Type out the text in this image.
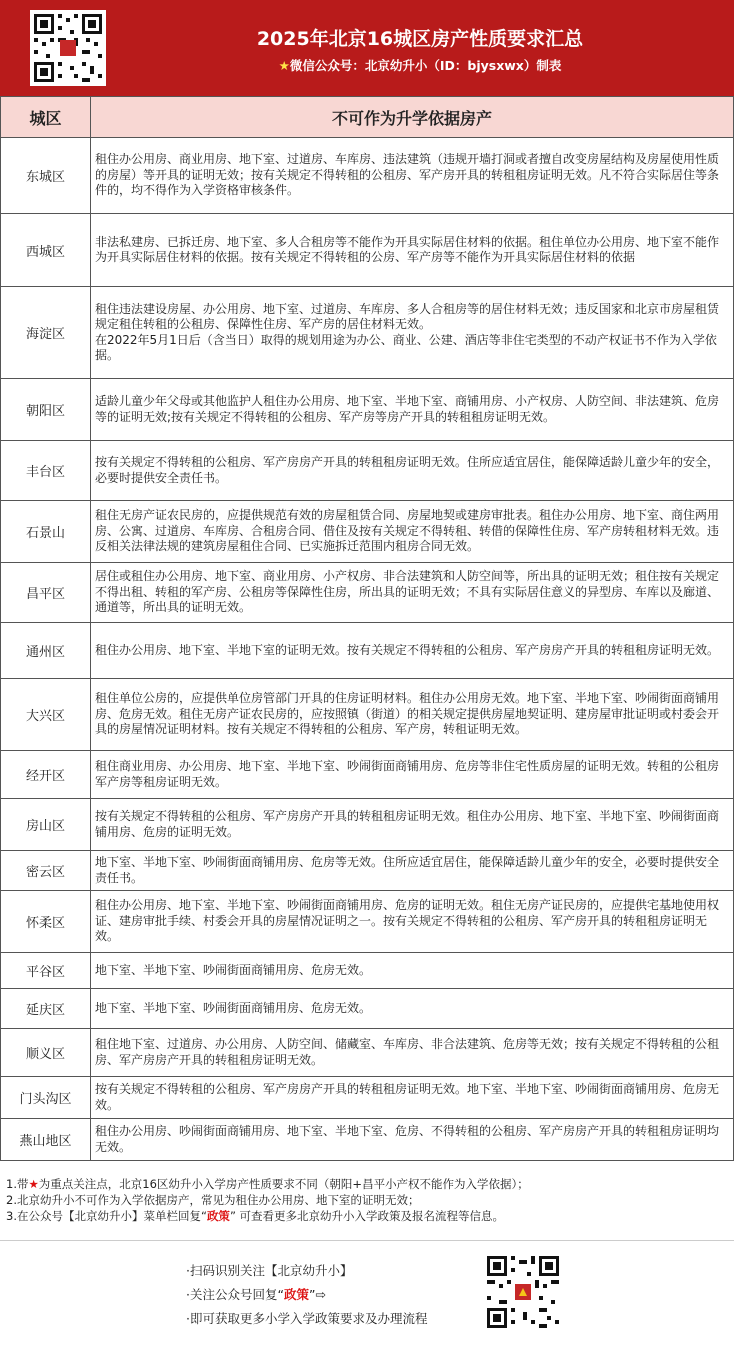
2025年北京16城区房产性质要求汇总
★微信公众号：北京幼升小（ID：bjysxwx）制表
城区	不可作为升学依据房产
东城区	租住办公用房、商业用房、地下室、过道房、车库房、违法建筑（违规开墙打洞或者擅自改变房屋结构及房屋使用性质的房屋）等开具的证明无效；按有关规定不得转租的公租房、军产房开具的转租租房证明无效。凡不符合实际居住等条件的，均不得作为入学资格审核条件。
西城区	非法私建房、已拆迁房、地下室、多人合租房等不能作为开具实际居住材料的依据。租住单位办公用房、地下室不能作为开具实际居住材料的依据。按有关规定不得转租的公房、军产房等不能作为开具实际居住材料的依据
海淀区	租住违法建设房屋、办公用房、地下室、过道房、车库房、多人合租房等的居住材料无效；违反国家和北京市房屋租赁规定租住转租的公租房、保障性住房、军产房的居住材料无效。
在2022年5月1日后（含当日）取得的规划用途为办公、商业、公建、酒店等非住宅类型的不动产权证书不作为入学依据。
朝阳区	适龄儿童少年父母或其他监护人租住办公用房、地下室、半地下室、商铺用房、小产权房、人防空间、非法建筑、危房等的证明无效;按有关规定不得转租的公租房、军产房等房产开具的转租租房证明无效。
丰台区	按有关规定不得转租的公租房、军产房房产开具的转租租房证明无效。住所应适宜居住，能保障适龄儿童少年的安全，必要时提供安全责任书。
石景山	租住无房产证农民房的，应提供规范有效的房屋租赁合同、房屋地契或建房审批表。租住办公用房、地下室、商住两用房、公寓、过道房、车库房、合租房合同、借住及按有关规定不得转租、转借的保障性住房、军产房转租材料无效。违反相关法律法规的建筑房屋租住合同、已实施拆迁范围内租房合同无效。
昌平区	居住或租住办公用房、地下室、商业用房、小产权房、非合法建筑和人防空间等，所出具的证明无效；租住按有关规定不得出租、转租的军产房、公租房等保障性住房，所出具的证明无效；不具有实际居住意义的异型房、车库以及廊道、通道等，所出具的证明无效。
通州区	租住办公用房、地下室、半地下室的证明无效。按有关规定不得转租的公租房、军产房房产开具的转租租房证明无效。
大兴区	租住单位公房的，应提供单位房管部门开具的住房证明材料。租住办公用房无效。地下室、半地下室、吵闹街面商铺用房、危房无效。租住无房产证农民房的，应按照镇（街道）的相关规定提供房屋地契证明、建房屋审批证明或村委会开具的房屋情况证明材料。按有关规定不得转租的公租房、军产房，转租证明无效。
经开区	租住商业用房、办公用房、地下室、半地下室、吵闹街面商铺用房、危房等非住宅性质房屋的证明无效。转租的公租房军产房等租房证明无效。
房山区	按有关规定不得转租的公租房、军产房房产开具的转租租房证明无效。租住办公用房、地下室、半地下室、吵闹街面商铺用房、危房的证明无效。
密云区	地下室、半地下室、吵闹街面商铺用房、危房等无效。住所应适宜居住，能保障适龄儿童少年的安全，必要时提供安全责任书。
怀柔区	租住办公用房、地下室、半地下室、吵闹街面商铺用房、危房的证明无效。租住无房产证民房的，应提供宅基地使用权证、建房审批手续、村委会开具的房屋情况证明之一。按有关规定不得转租的公租房、军产房开具的转租租房证明无效。
平谷区	地下室、半地下室、吵闹街面商铺用房、危房无效。
延庆区	地下室、半地下室、吵闹街面商铺用房、危房无效。
顺义区	租住地下室、过道房、办公用房、人防空间、储藏室、车库房、非合法建筑、危房等无效；按有关规定不得转租的公租房、军产房房产开具的转租租房证明无效。
门头沟区	按有关规定不得转租的公租房、军产房房产开具的转租租房证明无效。地下室、半地下室、吵闹街面商铺用房、危房无效。
燕山地区	租住办公用房、吵闹街面商铺用房、地下室、半地下室、危房、不得转租的公租房、军产房房产开具的转租租房证明均无效。
1.带★为重点关注点，北京16区幼升小入学房产性质要求不同（朝阳+昌平小产权不能作为入学依据）；
2.北京幼升小不可作为入学依据房产，常见为租住办公用房、地下室的证明无效；
3.在公众号【北京幼升小】菜单栏回复“政策” 可查看更多北京幼升小入学政策及报名流程等信息。
·扫码识别关注【北京幼升小】
·关注公众号回复“政策”⇨
·即可获取更多小学入学政策要求及办理流程
